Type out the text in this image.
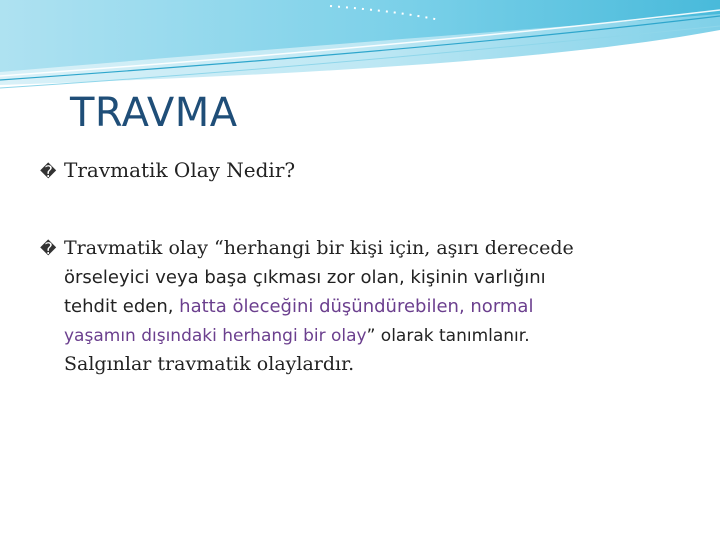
TRAVMA
� Travmatik Olay Nedir?
� Travmatik olay “herhangi bir kişi için, aşırı derecede
örseleyici veya başa çıkması zor olan, kişinin varlığını
tehdit eden, hatta öleceğini düşündürebilen, normal
yaşamın dışındaki herhangi bir olay” olarak tanımlanır.
Salgınlar travmatik olaylardır.
